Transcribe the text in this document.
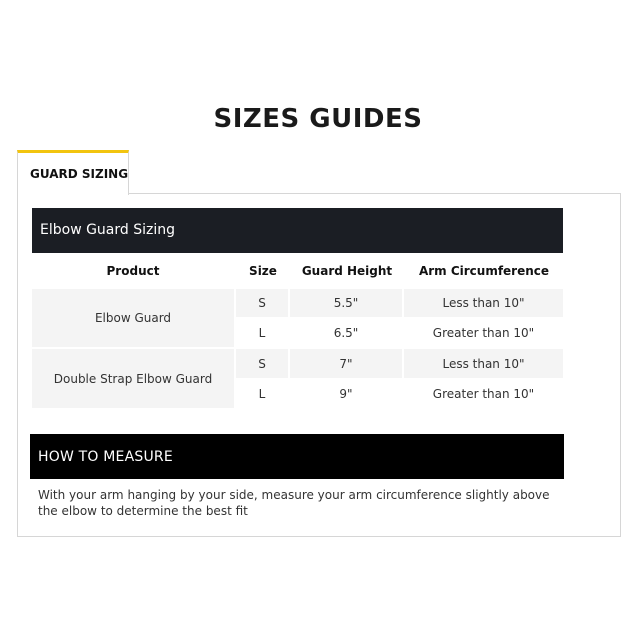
SIZES GUIDES
GUARD SIZING
Elbow Guard Sizing
Product	Size	Guard Height	Arm Circumference
Elbow Guard
S	5.5"	Less than 10"
L	6.5"	Greater than 10"
Double Strap Elbow Guard
S	7"	Less than 10"
L	9"	Greater than 10"
HOW TO MEASURE
With your arm hanging by your side, measure your arm circumference slightly above the elbow to determine the best fit
